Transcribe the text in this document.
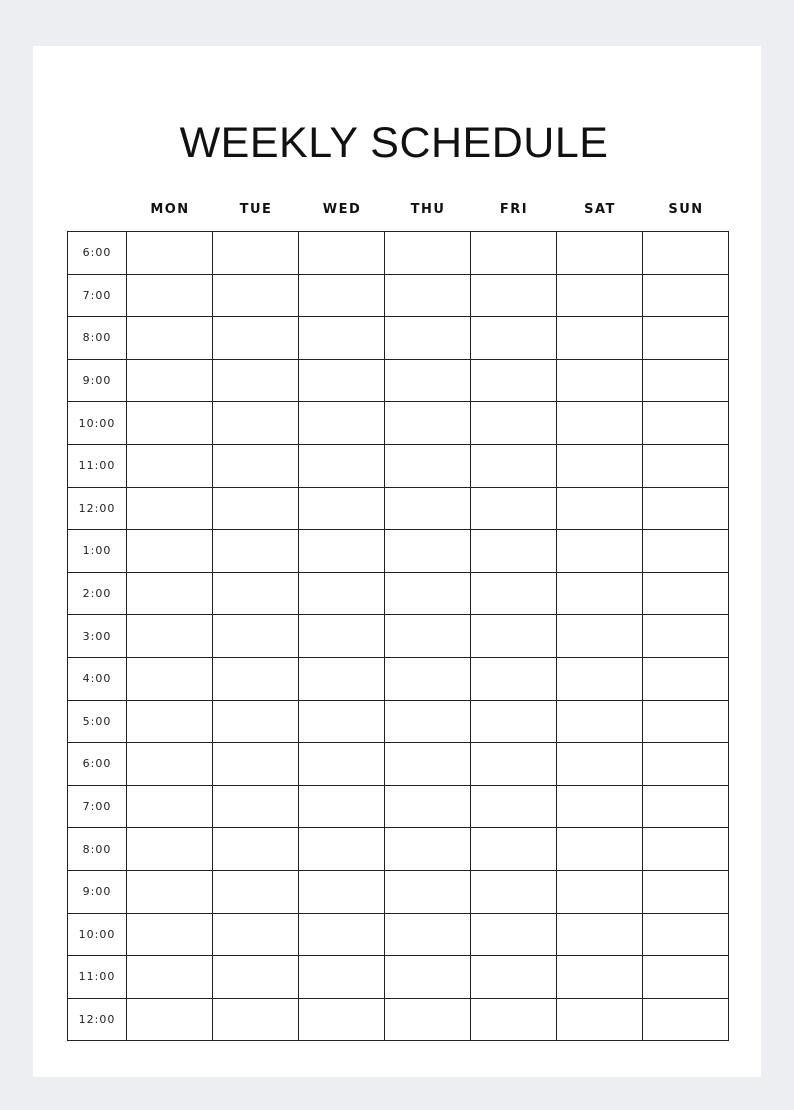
WEEKLY SCHEDULE
MON	TUE	WED	THU	FRI	SAT	SUN
6:00							
7:00							
8:00							
9:00							
10:00							
11:00							
12:00							
1:00							
2:00							
3:00							
4:00							
5:00							
6:00							
7:00							
8:00							
9:00							
10:00							
11:00							
12:00							
